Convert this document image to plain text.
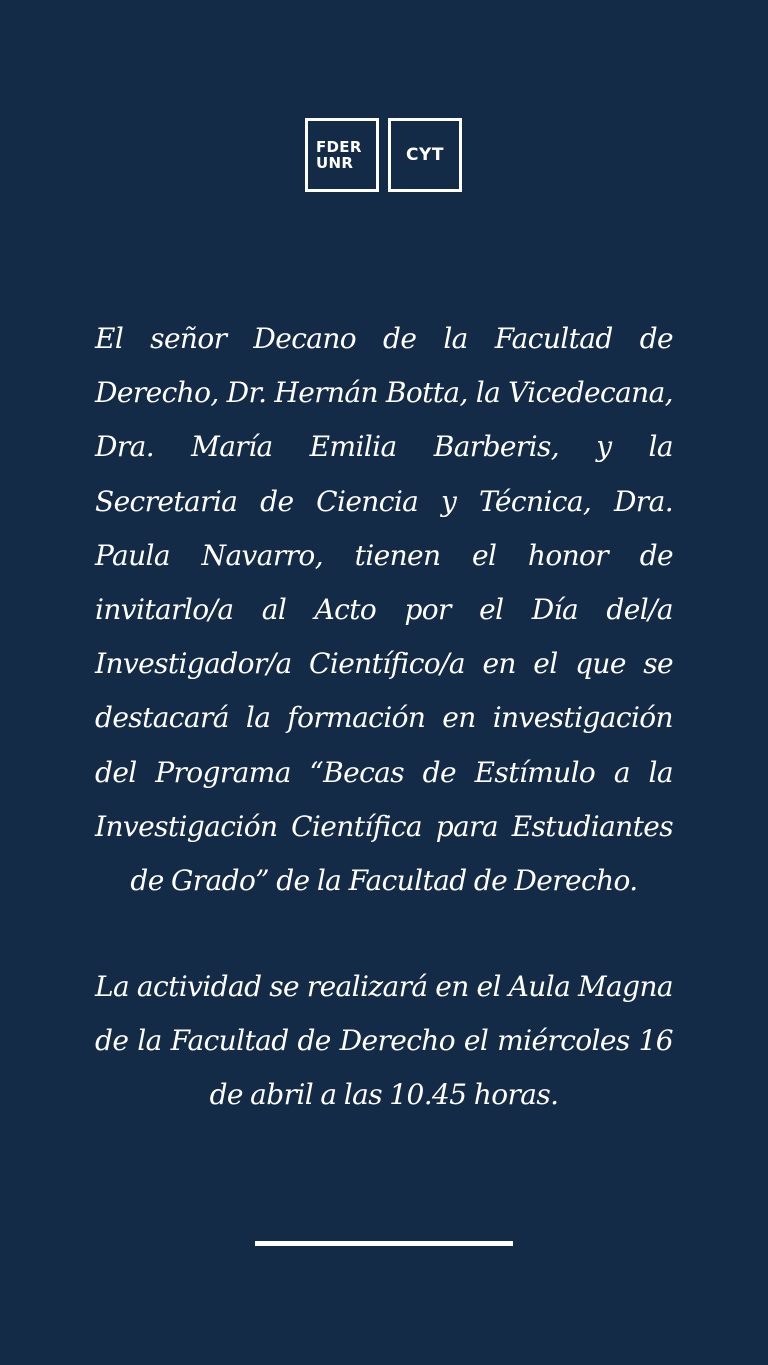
FDER
UNR	CYT

El señor Decano de la Facultad de Derecho, Dr. Hernán Botta, la Vicedecana, Dra. María Emilia Barberis, y la Secretaria de Ciencia y Técnica, Dra. Paula Navarro, tienen el honor de invitarlo/a al Acto por el Día del/a Investigador/a Científico/a en el que se destacará la formación en investigación del Programa “Becas de Estímulo a la Investigación Científica para Estudiantes de Grado” de la Facultad de Derecho.

La actividad se realizará en el Aula Magna de la Facultad de Derecho el miércoles 16 de abril a las 10.45 horas.
